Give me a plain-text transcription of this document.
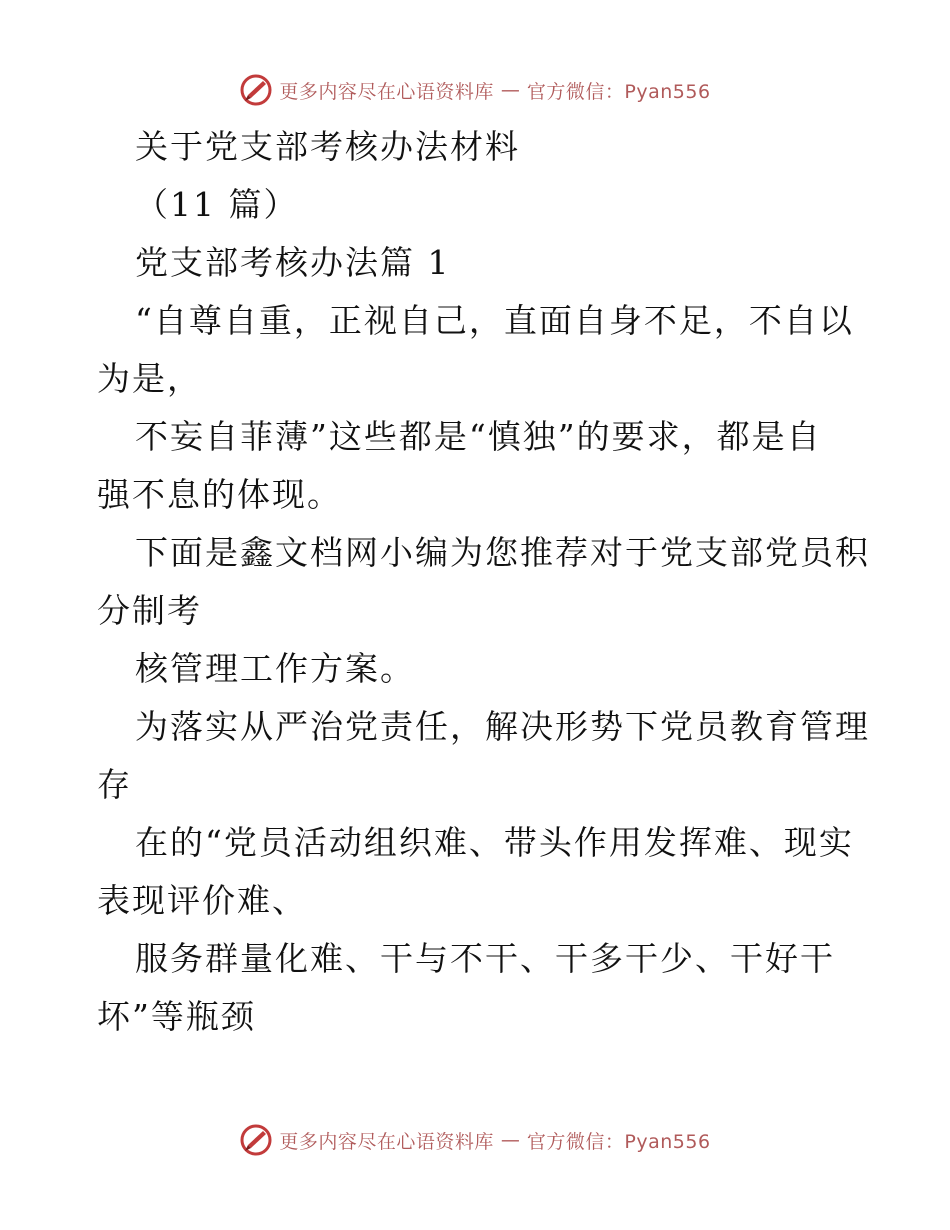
更多内容尽在心语资料库 — 官方微信：Pyan556
关于党支部考核办法材料
（11 篇）
党支部考核办法篇 1
“自尊自重，正视自己，直面自身不足，不自以
为是，
不妄自菲薄”这些都是“慎独”的要求，都是自
强不息的体现。
下面是鑫文档网小编为您推荐对于党支部党员积
分制考
核管理工作方案。
为落实从严治党责任，解决形势下党员教育管理
存
在的“党员活动组织难、带头作用发挥难、现实
表现评价难、
服务群量化难、干与不干、干多干少、干好干
坏”等瓶颈
更多内容尽在心语资料库 — 官方微信：Pyan556
